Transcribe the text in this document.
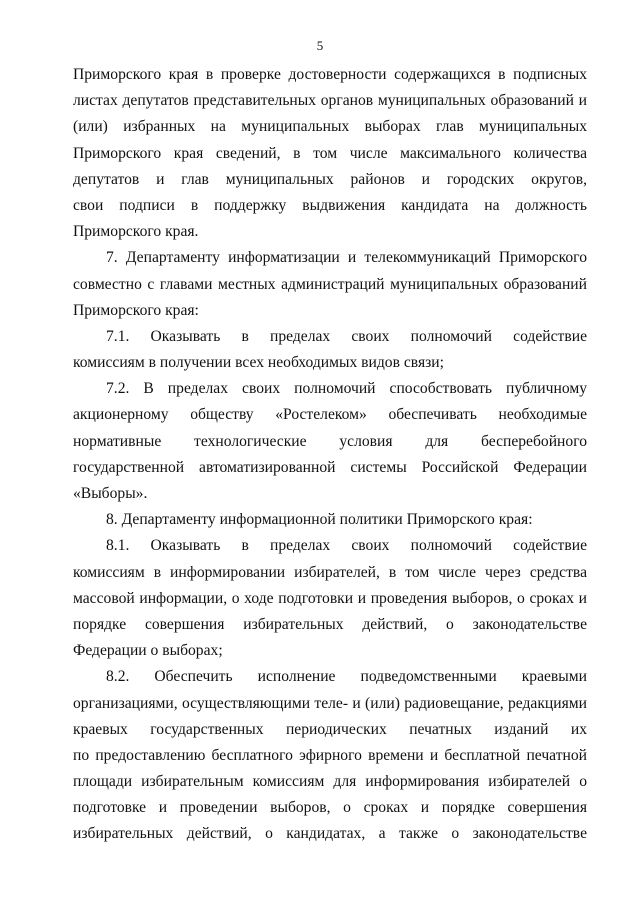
5
Приморского края в проверке достоверности содержащихся в подписных
листах депутатов представительных органов муниципальных образований и
(или) избранных на муниципальных выборах глав муниципальных
Приморского края сведений, в том числе максимального количества
депутатов и глав муниципальных районов и городских округов,
свои подписи в поддержку выдвижения кандидата на должность
Приморского края.
7. Департаменту информатизации и телекоммуникаций Приморского
совместно с главами местных администраций муниципальных образований
Приморского края:
7.1. Оказывать в пределах своих полномочий содействие
комиссиям в получении всех необходимых видов связи;
7.2. В пределах своих полномочий способствовать публичному
акционерному обществу «Ростелеком» обеспечивать необходимые
нормативные технологические условия для бесперебойного
государственной автоматизированной системы Российской Федерации
«Выборы».
8. Департаменту информационной политики Приморского края:
8.1. Оказывать в пределах своих полномочий содействие
комиссиям в информировании избирателей, в том числе через средства
массовой информации, о ходе подготовки и проведения выборов, о сроках и
порядке совершения избирательных действий, о законодательстве
Федерации о выборах;
8.2. Обеспечить исполнение подведомственными краевыми
организациями, осуществляющими теле- и (или) радиовещание, редакциями
краевых государственных периодических печатных изданий их
по предоставлению бесплатного эфирного времени и бесплатной печатной
площади избирательным комиссиям для информирования избирателей о
подготовке и проведении выборов, о сроках и порядке совершения
избирательных действий, о кандидатах, а также о законодательстве
